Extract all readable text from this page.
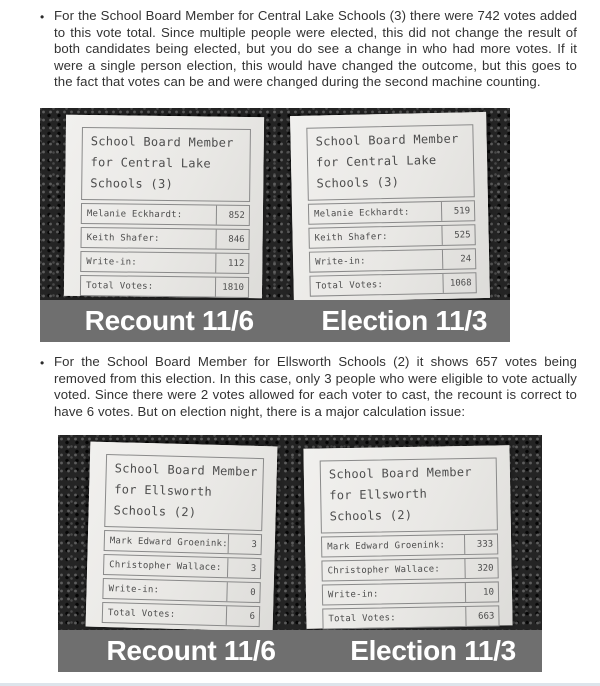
• For the School Board Member for Central Lake Schools (3) there were 742 votes added to this vote total. Since multiple people were elected, this did not change the result of both candidates being elected, but you do see a change in who had more votes. If it were a single person election, this would have changed the outcome, but this goes to the fact that votes can be and were changed during the second machine counting.
School Board Member
for Central Lake
Schools (3)
Melanie Eckhardt:	852
Keith Shafer:	846
Write-in:	112
Total Votes:	1810
School Board Member
for Central Lake
Schools (3)
Melanie Eckhardt:	519
Keith Shafer:	525
Write-in:	24
Total Votes:	1068
Recount 11/6	Election 11/3
• For the School Board Member for Ellsworth Schools (2) it shows 657 votes being removed from this election. In this case, only 3 people who were eligible to vote actually voted. Since there were 2 votes allowed for each voter to cast, the recount is correct to have 6 votes. But on election night, there is a major calculation issue:
School Board Member
for Ellsworth
Schools (2)
Mark Edward Groenink:	3
Christopher Wallace:	3
Write-in:	0
Total Votes:	6
School Board Member
for Ellsworth
Schools (2)
Mark Edward Groenink:	333
Christopher Wallace:	320
Write-in:	10
Total Votes:	663
Recount 11/6	Election 11/3
